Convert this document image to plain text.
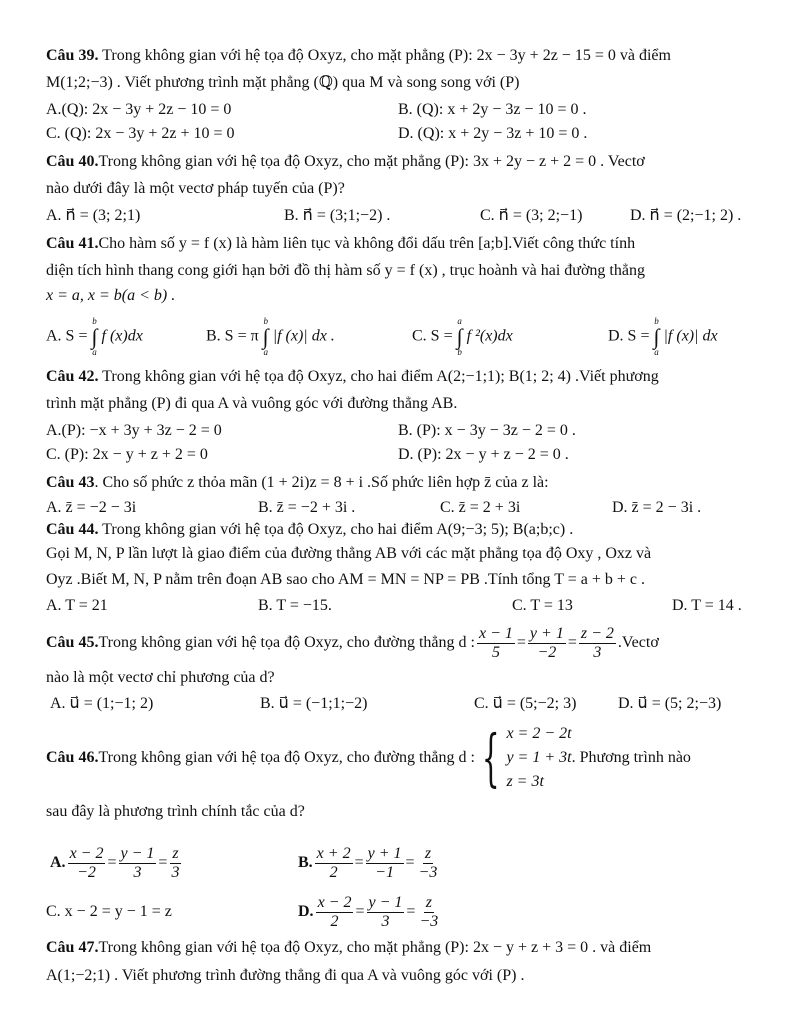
Câu 39. Trong không gian với hệ tọa độ Oxyz, cho mặt phẳng (P): 2x − 3y + 2z − 15 = 0 và điểm

M(1;2;−3) . Viết phương trình mặt phẳng (ℚ) qua M và song song với (P)

A.(Q): 2x − 3y + 2z − 10 = 0	B. (Q): x + 2y − 3z − 10 = 0 .
C. (Q): 2x − 3y + 2z + 10 = 0	D. (Q): x + 2y − 3z + 10 = 0 .

Câu 40.Trong không gian với hệ tọa độ Oxyz, cho mặt phẳng (P): 3x + 2y − z + 2 = 0 . Vectơ

nào dưới đây là một vectơ pháp tuyến của (P)?

A. n⃗ = (3; 2;1)	B. n⃗ = (3;1;−2) .	C. n⃗ = (3; 2;−1)	D. n⃗ = (2;−1; 2) .

Câu 41.Cho hàm số y = f (x) là hàm liên tục và không đổi dấu trên [a;b].Viết công thức tính

diện tích hình thang cong giới hạn bởi đồ thị hàm số y = f (x) , trục hoành và hai đường thẳng

x = a, x = b(a < b) .

A. S =
b
∫
a
f (x)dx	B. S = π
b
∫
a
|f (x)| dx .	C. S =
a
∫
b
f ²(x)dx	D. S =
b
∫
a
|f (x)| dx

Câu 42. Trong không gian với hệ tọa độ Oxyz, cho hai điểm A(2;−1;1); B(1; 2; 4) .Viết phương

trình mặt phẳng (P) đi qua A và vuông góc với đường thẳng AB.

A.(P): −x + 3y + 3z − 2 = 0	B. (P): x − 3y − 3z − 2 = 0 .
C. (P): 2x − y + z + 2 = 0	D. (P): 2x − y + z − 2 = 0 .

Câu 43. Cho số phức z thỏa mãn (1 + 2i)z = 8 + i .Số phức liên hợp z̄ của z là:

A. z̄ = −2 − 3i	B. z̄ = −2 + 3i .	C. z̄ = 2 + 3i	D. z̄ = 2 − 3i .

Câu 44. Trong không gian với hệ tọa độ Oxyz, cho hai điểm A(9;−3; 5); B(a;b;c) .

Gọi M, N, P lần lượt là giao điểm của đường thẳng AB với các mặt phẳng tọa độ Oxy , Oxz và

Oyz .Biết M, N, P nằm trên đoạn AB sao cho AM = MN = NP = PB .Tính tổng T = a + b + c .

A. T = 21	B. T = −15.	C. T = 13	D. T = 14 .

Câu 45. Trong không gian với hệ tọa độ Oxyz, cho đường thẳng d : $\frac{x - 1}{5} = \frac{y + 1}{-2} = \frac{z - 2}{3}$ .Vectơ

nào là một vectơ chỉ phương của d?

A. u⃗ = (1;−1; 2)	B. u⃗ = (−1;1;−2)	C. u⃗ = (5;−2; 3)	D. u⃗ = (5; 2;−3)

Câu 46. Trong không gian với hệ tọa độ Oxyz, cho đường thẳng d : { x = 2 − 2t
y = 1 + 3t
z = 3t
. Phương trình nào

sau đây là phương trình chính tắc của d?

A. $\frac{x - 2}{-2} = \frac{y - 1}{3} = \frac{z}{3}$	B. $\frac{x + 2}{2} = \frac{y + 1}{-1} = \frac{z}{-3}$
C. x − 2 = y − 1 = z	D. $\frac{x - 2}{2} = \frac{y - 1}{3} = \frac{z}{-3}$

Câu 47.Trong không gian với hệ tọa độ Oxyz, cho mặt phẳng (P): 2x − y + z + 3 = 0 . và điểm

A(1;−2;1) . Viết phương trình đường thẳng đi qua A và vuông góc với (P) .
